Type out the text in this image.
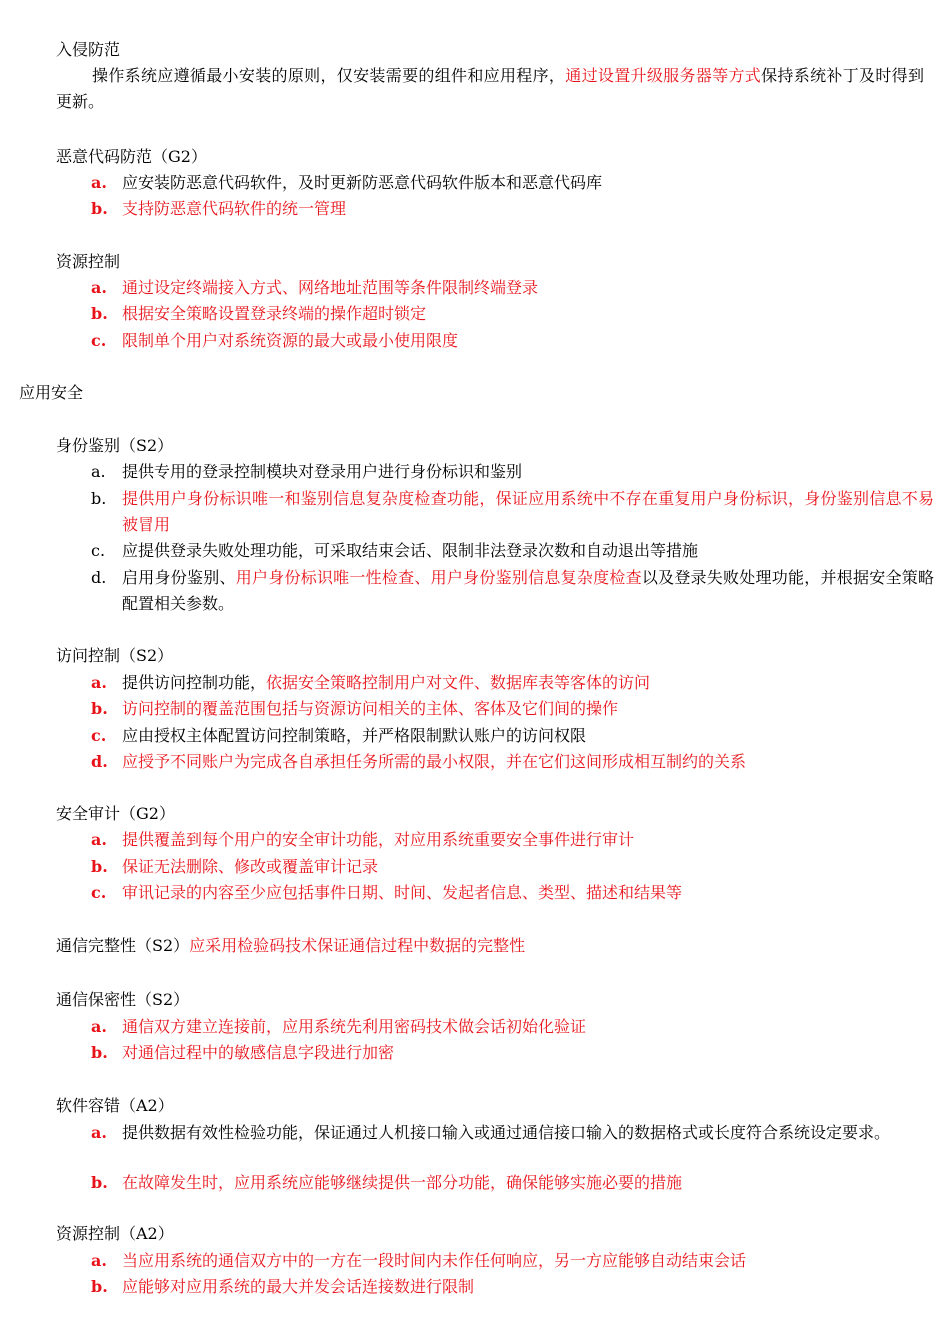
入侵防范
操作系统应遵循最小安装的原则，仅安装需要的组件和应用程序，通过设置升级服务器等方式保持系统补丁及时得到更新。
恶意代码防范（G2）
a. 应安装防恶意代码软件，及时更新防恶意代码软件版本和恶意代码库
b. 支持防恶意代码软件的统一管理
资源控制
a. 通过设定终端接入方式、网络地址范围等条件限制终端登录
b. 根据安全策略设置登录终端的操作超时锁定
c. 限制单个用户对系统资源的最大或最小使用限度
应用安全
身份鉴别（S2）
a.	提供专用的登录控制模块对登录用户进行身份标识和鉴别
b. 提供用户身份标识唯一和鉴别信息复杂度检查功能，保证应用系统中不存在重复用户身份标识，身份鉴别信息不易被冒用
c.	应提供登录失败处理功能，可采取结束会话、限制非法登录次数和自动退出等措施
d. 启用身份鉴别、用户身份标识唯一性检查、用户身份鉴别信息复杂度检查以及登录失败处理功能，并根据安全策略配置相关参数。
访问控制（S2）
a. 提供访问控制功能，依据安全策略控制用户对文件、数据库表等客体的访问
b. 访问控制的覆盖范围包括与资源访问相关的主体、客体及它们间的操作
c. 应由授权主体配置访问控制策略，并严格限制默认账户的访问权限
d. 应授予不同账户为完成各自承担任务所需的最小权限，并在它们这间形成相互制约的关系
安全审计（G2）
a. 提供覆盖到每个用户的安全审计功能，对应用系统重要安全事件进行审计
b. 保证无法删除、修改或覆盖审计记录
c. 审讯记录的内容至少应包括事件日期、时间、发起者信息、类型、描述和结果等
通信完整性（S2）应采用检验码技术保证通信过程中数据的完整性
通信保密性（S2）
a. 通信双方建立连接前，应用系统先利用密码技术做会话初始化验证
b. 对通信过程中的敏感信息字段进行加密
软件容错（A2）
a. 提供数据有效性检验功能，保证通过人机接口输入或通过通信接口输入的数据格式或长度符合系统设定要求。
b. 在故障发生时，应用系统应能够继续提供一部分功能，确保能够实施必要的措施
资源控制（A2）
a. 当应用系统的通信双方中的一方在一段时间内未作任何响应，另一方应能够自动结束会话
b. 应能够对应用系统的最大并发会话连接数进行限制
